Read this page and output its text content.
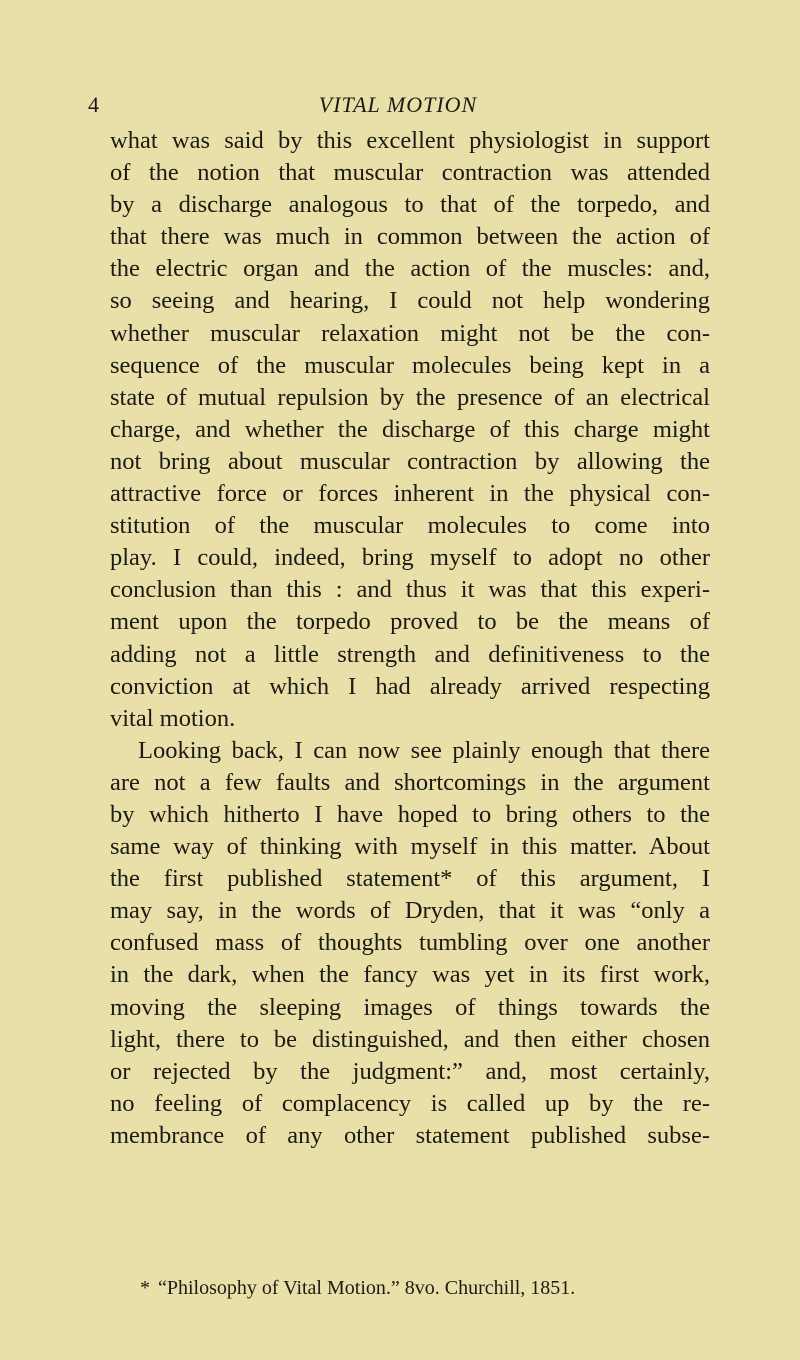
4	VITAL MOTION
what was said by this excellent physiologist in support
of the notion that muscular contraction was attended
by a discharge analogous to that of the torpedo, and
that there was much in common between the action of
the electric organ and the action of the muscles: and,
so seeing and hearing, I could not help wondering
whether muscular relaxation might not be the con-
sequence of the muscular molecules being kept in a
state of mutual repulsion by the presence of an electrical
charge, and whether the discharge of this charge might
not bring about muscular contraction by allowing the
attractive force or forces inherent in the physical con-
stitution of the muscular molecules to come into
play. I could, indeed, bring myself to adopt no other
conclusion than this : and thus it was that this experi-
ment upon the torpedo proved to be the means of
adding not a little strength and definitiveness to the
conviction at which I had already arrived respecting
vital motion.
Looking back, I can now see plainly enough that there
are not a few faults and shortcomings in the argument
by which hitherto I have hoped to bring others to the
same way of thinking with myself in this matter. About
the first published statement* of this argument, I
may say, in the words of Dryden, that it was “only a
confused mass of thoughts tumbling over one another
in the dark, when the fancy was yet in its first work,
moving the sleeping images of things towards the
light, there to be distinguished, and then either chosen
or rejected by the judgment:” and, most certainly,
no feeling of complacency is called up by the re-
membrance of any other statement published subse-
* “Philosophy of Vital Motion.” 8vo. Churchill, 1851.
